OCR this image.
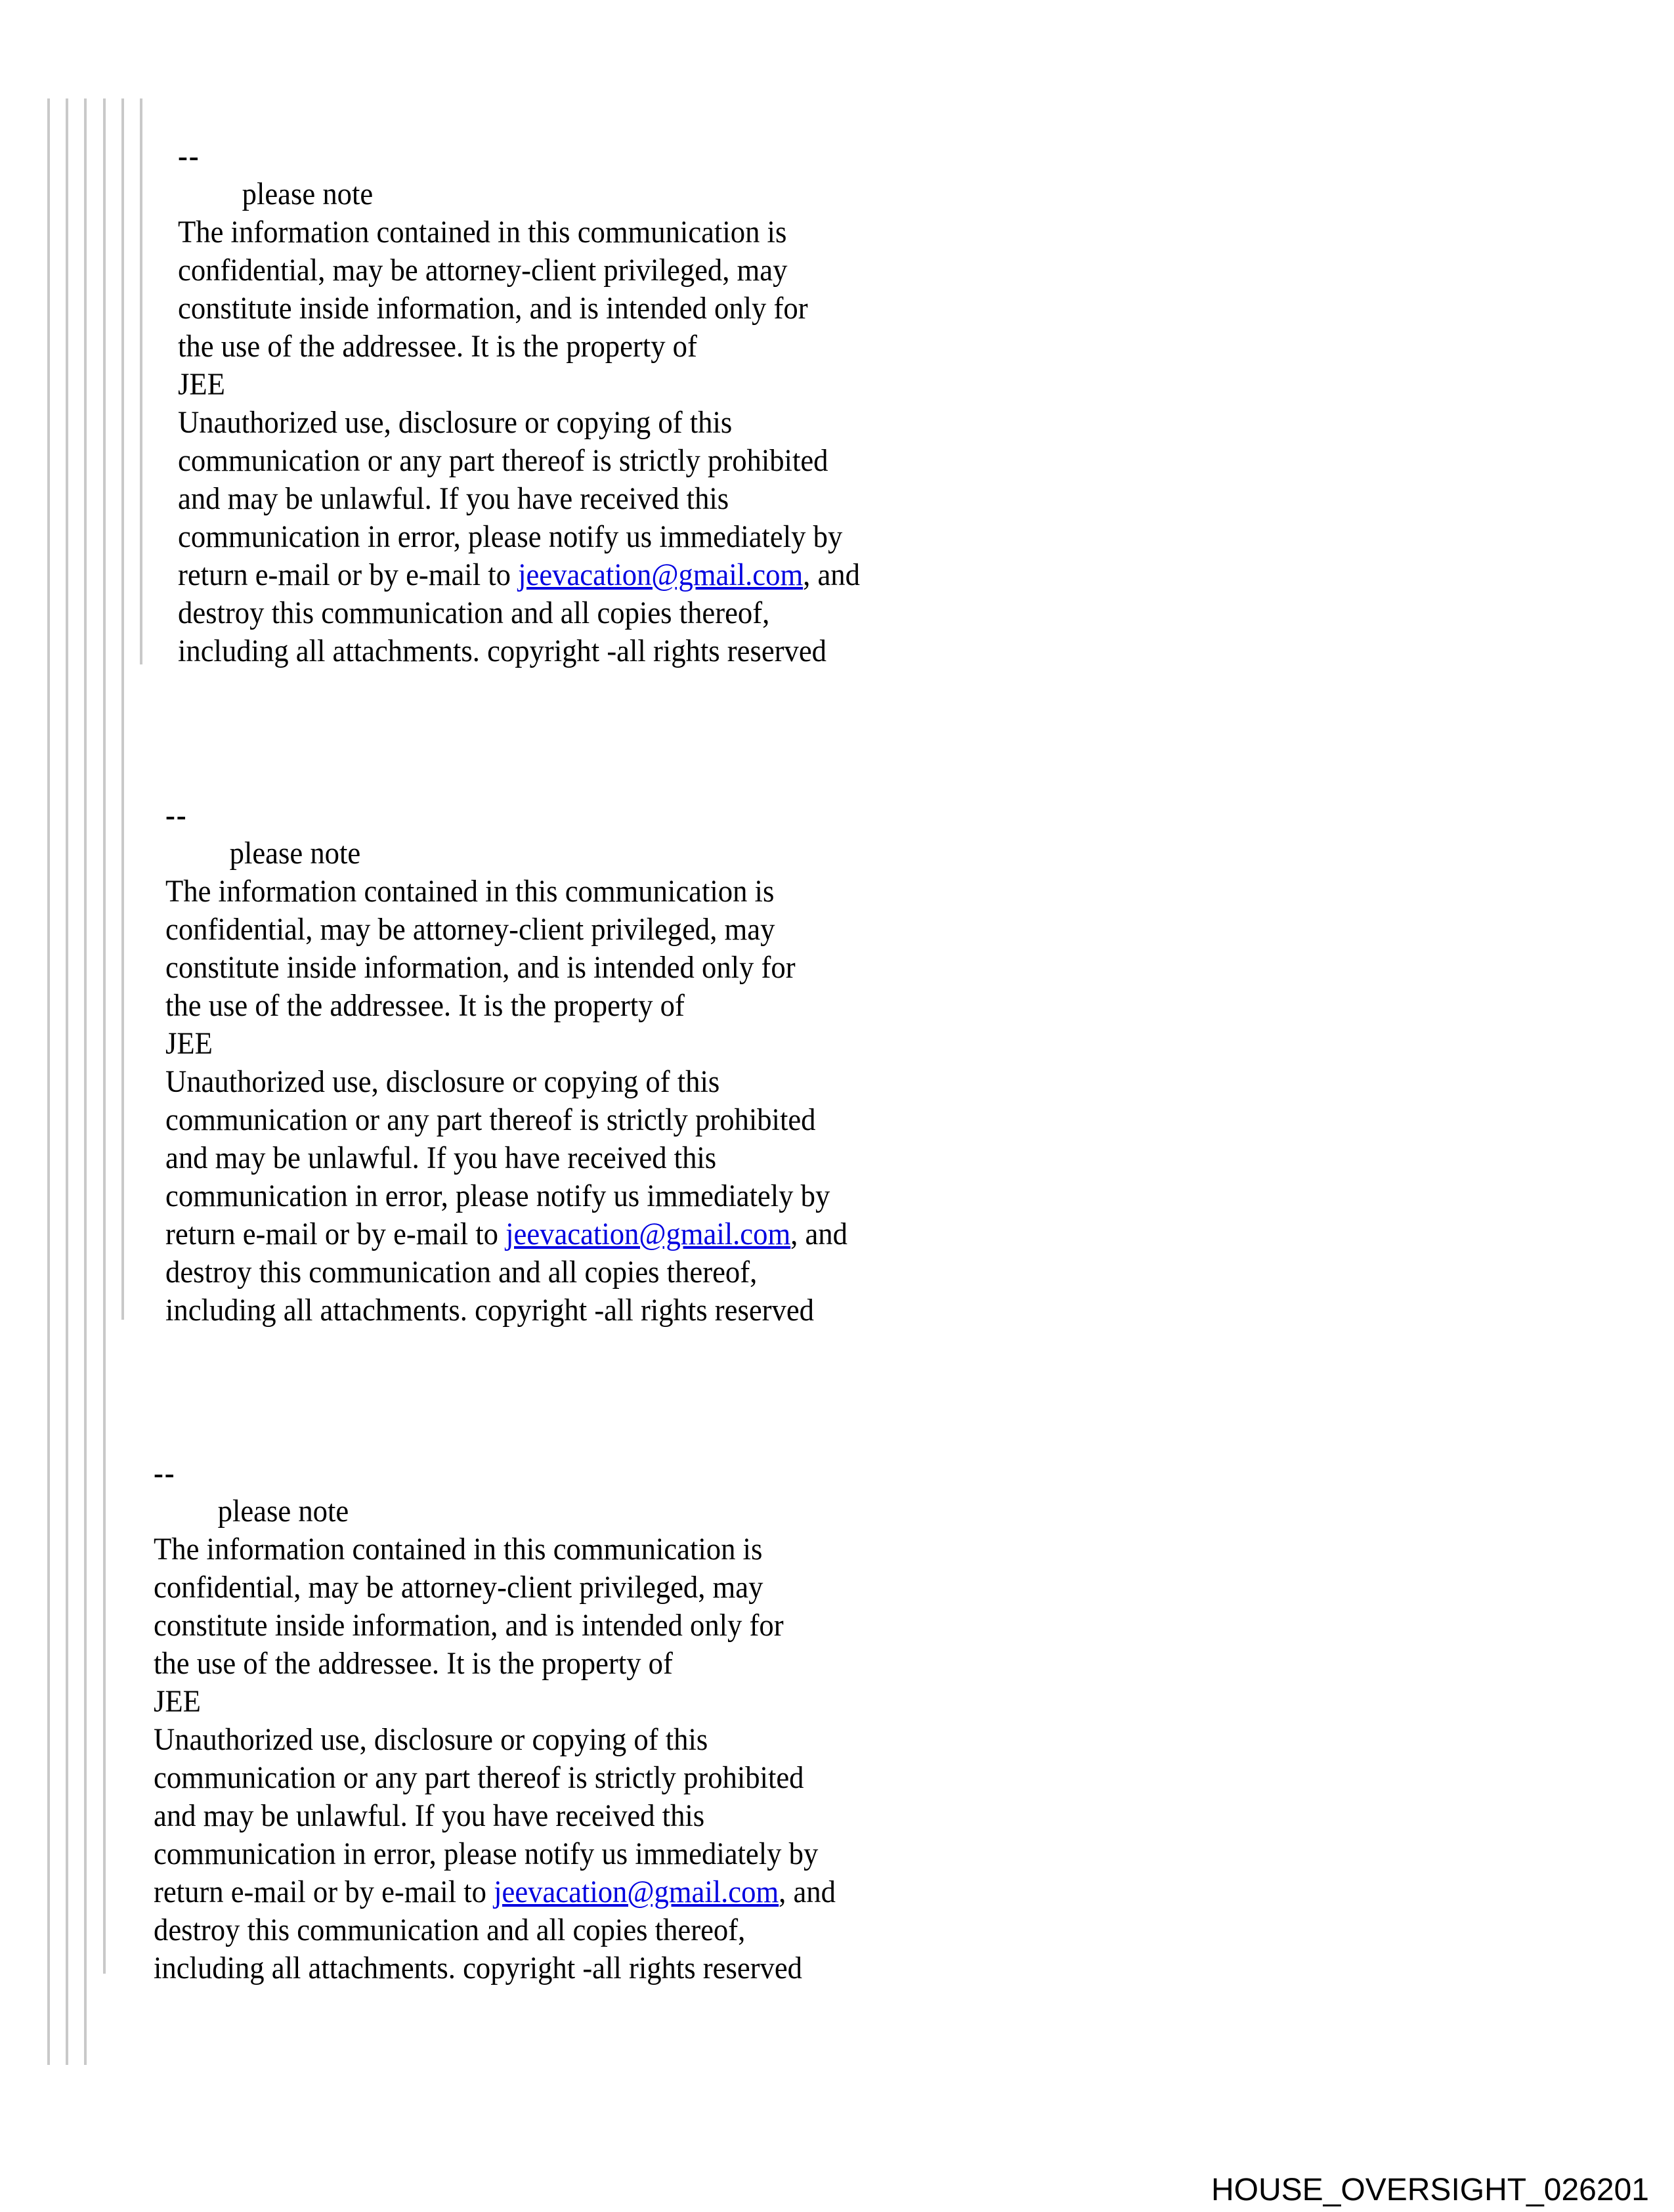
--
please note
The information contained in this communication is
confidential, may be attorney-client privileged, may
constitute inside information, and is intended only for
the use of the addressee. It is the property of
JEE
Unauthorized use, disclosure or copying of this
communication or any part thereof is strictly prohibited
and may be unlawful. If you have received this
communication in error, please notify us immediately by
return e-mail or by e-mail to jeevacation@gmail.com, and
destroy this communication and all copies thereof,
including all attachments. copyright -all rights reserved
--
please note
The information contained in this communication is
confidential, may be attorney-client privileged, may
constitute inside information, and is intended only for
the use of the addressee. It is the property of
JEE
Unauthorized use, disclosure or copying of this
communication or any part thereof is strictly prohibited
and may be unlawful. If you have received this
communication in error, please notify us immediately by
return e-mail or by e-mail to jeevacation@gmail.com, and
destroy this communication and all copies thereof,
including all attachments. copyright -all rights reserved
--
please note
The information contained in this communication is
confidential, may be attorney-client privileged, may
constitute inside information, and is intended only for
the use of the addressee. It is the property of
JEE
Unauthorized use, disclosure or copying of this
communication or any part thereof is strictly prohibited
and may be unlawful. If you have received this
communication in error, please notify us immediately by
return e-mail or by e-mail to jeevacation@gmail.com, and
destroy this communication and all copies thereof,
including all attachments. copyright -all rights reserved
HOUSE_OVERSIGHT_026201
